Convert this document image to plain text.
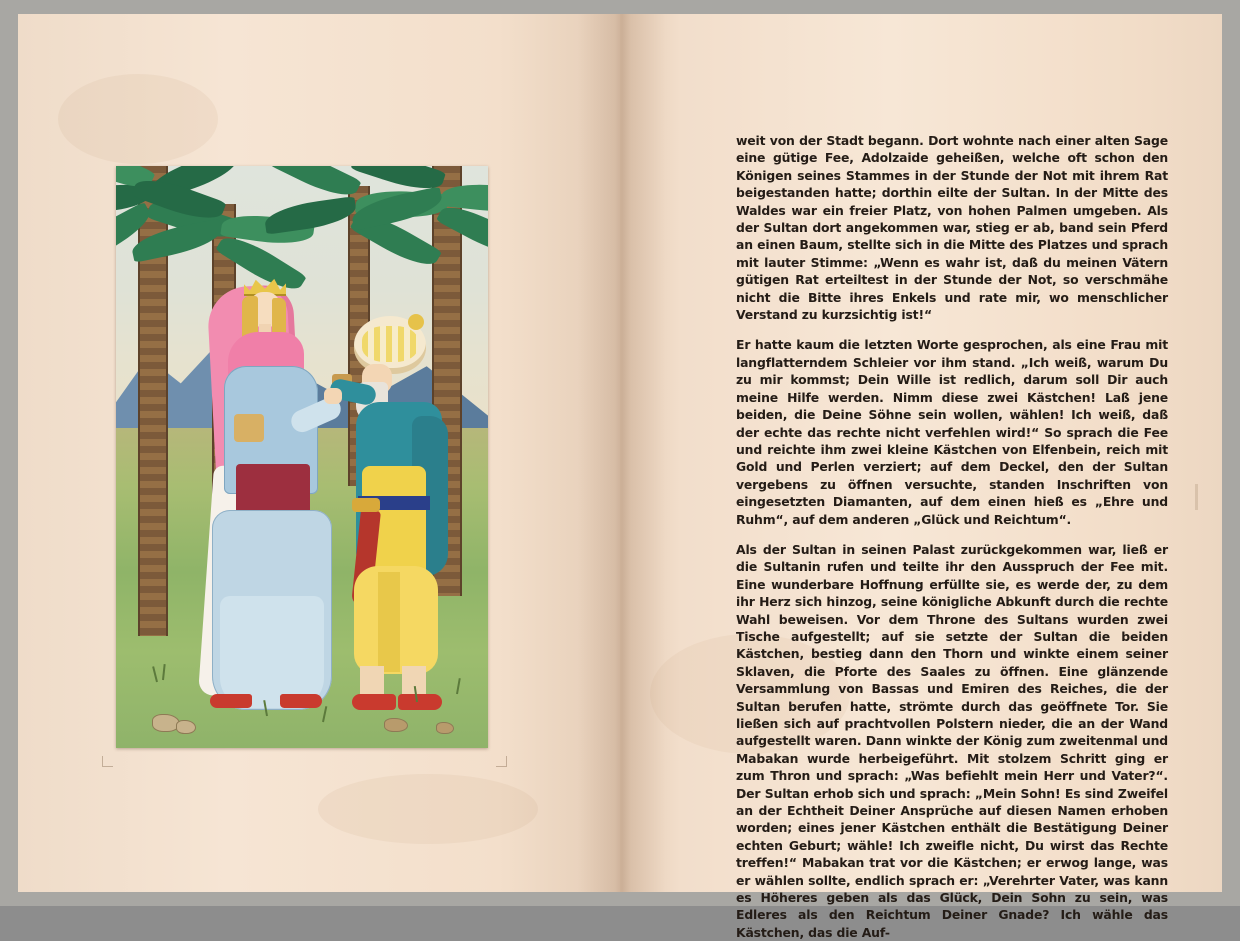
weit von der Stadt begann. Dort wohnte nach einer alten Sage eine gütige Fee, Adolzaide geheißen, welche oft schon den Königen seines Stammes in der Stunde der Not mit ihrem Rat beigestanden hatte; dorthin eilte der Sultan. In der Mitte des Waldes war ein freier Platz, von hohen Palmen umgeben. Als der Sultan dort angekommen war, stieg er ab, band sein Pferd an einen Baum, stellte sich in die Mitte des Platzes und sprach mit lauter Stimme: „Wenn es wahr ist, daß du meinen Vätern gütigen Rat erteiltest in der Stunde der Not, so verschmähe nicht die Bitte ihres Enkels und rate mir, wo menschlicher Verstand zu kurzsichtig ist!“

Er hatte kaum die letzten Worte gesprochen, als eine Frau mit langflatterndem Schleier vor ihm stand. „Ich weiß, warum Du zu mir kommst; Dein Wille ist redlich, darum soll Dir auch meine Hilfe werden. Nimm diese zwei Kästchen! Laß jene beiden, die Deine Söhne sein wollen, wählen! Ich weiß, daß der echte das rechte nicht verfehlen wird!“ So sprach die Fee und reichte ihm zwei kleine Kästchen von Elfenbein, reich mit Gold und Perlen verziert; auf dem Deckel, den der Sultan vergebens zu öffnen versuchte, standen Inschriften von eingesetzten Diamanten, auf dem einen hieß es „Ehre und Ruhm“, auf dem anderen „Glück und Reichtum“.

Als der Sultan in seinen Palast zurückgekommen war, ließ er die Sultanin rufen und teilte ihr den Ausspruch der Fee mit. Eine wunderbare Hoffnung erfüllte sie, es werde der, zu dem ihr Herz sich hinzog, seine königliche Abkunft durch die rechte Wahl beweisen. Vor dem Throne des Sultans wurden zwei Tische aufgestellt; auf sie setzte der Sultan die beiden Kästchen, bestieg dann den Thorn und winkte einem seiner Sklaven, die Pforte des Saales zu öffnen. Eine glänzende Versammlung von Bassas und Emiren des Reiches, die der Sultan berufen hatte, strömte durch das geöffnete Tor. Sie ließen sich auf prachtvollen Polstern nieder, die an der Wand aufgestellt waren. Dann winkte der König zum zweitenmal und Mabakan wurde herbeigeführt. Mit stolzem Schritt ging er zum Thron und sprach: „Was befiehlt mein Herr und Vater?“. Der Sultan erhob sich und sprach: „Mein Sohn! Es sind Zweifel an der Echtheit Deiner Ansprüche auf diesen Namen erhoben worden; eines jener Kästchen enthält die Bestätigung Deiner echten Geburt; wähle! Ich zweifle nicht, Du wirst das Rechte treffen!“ Mabakan trat vor die Kästchen; er erwog lange, was er wählen sollte, endlich sprach er: „Verehrter Vater, was kann es Höheres geben als das Glück, Dein Sohn zu sein, was Edleres als den Reichtum Deiner Gnade? Ich wähle das Kästchen, das die Auf-
